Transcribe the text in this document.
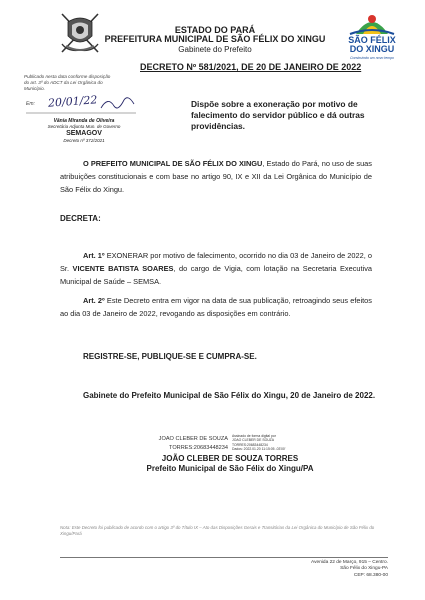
ESTADO DO PARÁ
PREFEITURA MUNICIPAL DE SÃO FÉLIX DO XINGU
Gabinete do Prefeito
SÃO FÉLIX
DO XINGU
Construindo um novo tempo
DECRETO Nº 581/2021, DE 20 DE JANEIRO DE 2022
Publicado nesta data conforme disposição
do art. 3º do ADCT da Lei Orgânica do
Município.
Em: 20/01/22
Vânia Miranda de Oliveira
Secretária Adjunta Mun. de Governo
SEMAGOV
Decreto nº 372/2021
Dispõe sobre a exoneração por motivo de falecimento do servidor público e dá outras providências.
O PREFEITO MUNICIPAL DE SÃO FÉLIX DO XINGU, Estado do Pará, no uso de suas atribuições constitucionais e com base no artigo 90, IX e XII da Lei Orgânica do Município de São Félix do Xingu.
DECRETA:
Art. 1º EXONERAR por motivo de falecimento, ocorrido no dia 03 de Janeiro de 2022, o Sr. VICENTE BATISTA SOARES, do cargo de Vigia, com lotação na Secretaria Executiva Municipal de Saúde – SEMSA.
Art. 2º Este Decreto entra em vigor na data de sua publicação, retroagindo seus efeitos ao dia 03 de Janeiro de 2022, revogando as disposições em contrário.
REGISTRE-SE, PUBLIQUE-SE E CUMPRA-SE.
Gabinete do Prefeito Municipal de São Félix do Xingu, 20 de Janeiro de 2022.
JOAO CLEBER DE SOUZA
TORRES:20683448234
Assinado de forma digital por
JOAO CLEBER DE SOUZA
TORRES:20683448234
Dados: 2022.01.20 11:15:05 -03'00'
JOÃO CLEBER DE SOUZA TORRES
Prefeito Municipal de São Félix do Xingu/PA
Nota: Este Decreto foi publicado de acordo com o artigo 3º do Título IX – Ato das Disposições Gerais e Transitórias da Lei Orgânica do Município de São Félix do Xingu/Pará
Avenida 22 de Março, 915 – Centro.
São Félix do Xingu-PA
CEP: 68.380-00
